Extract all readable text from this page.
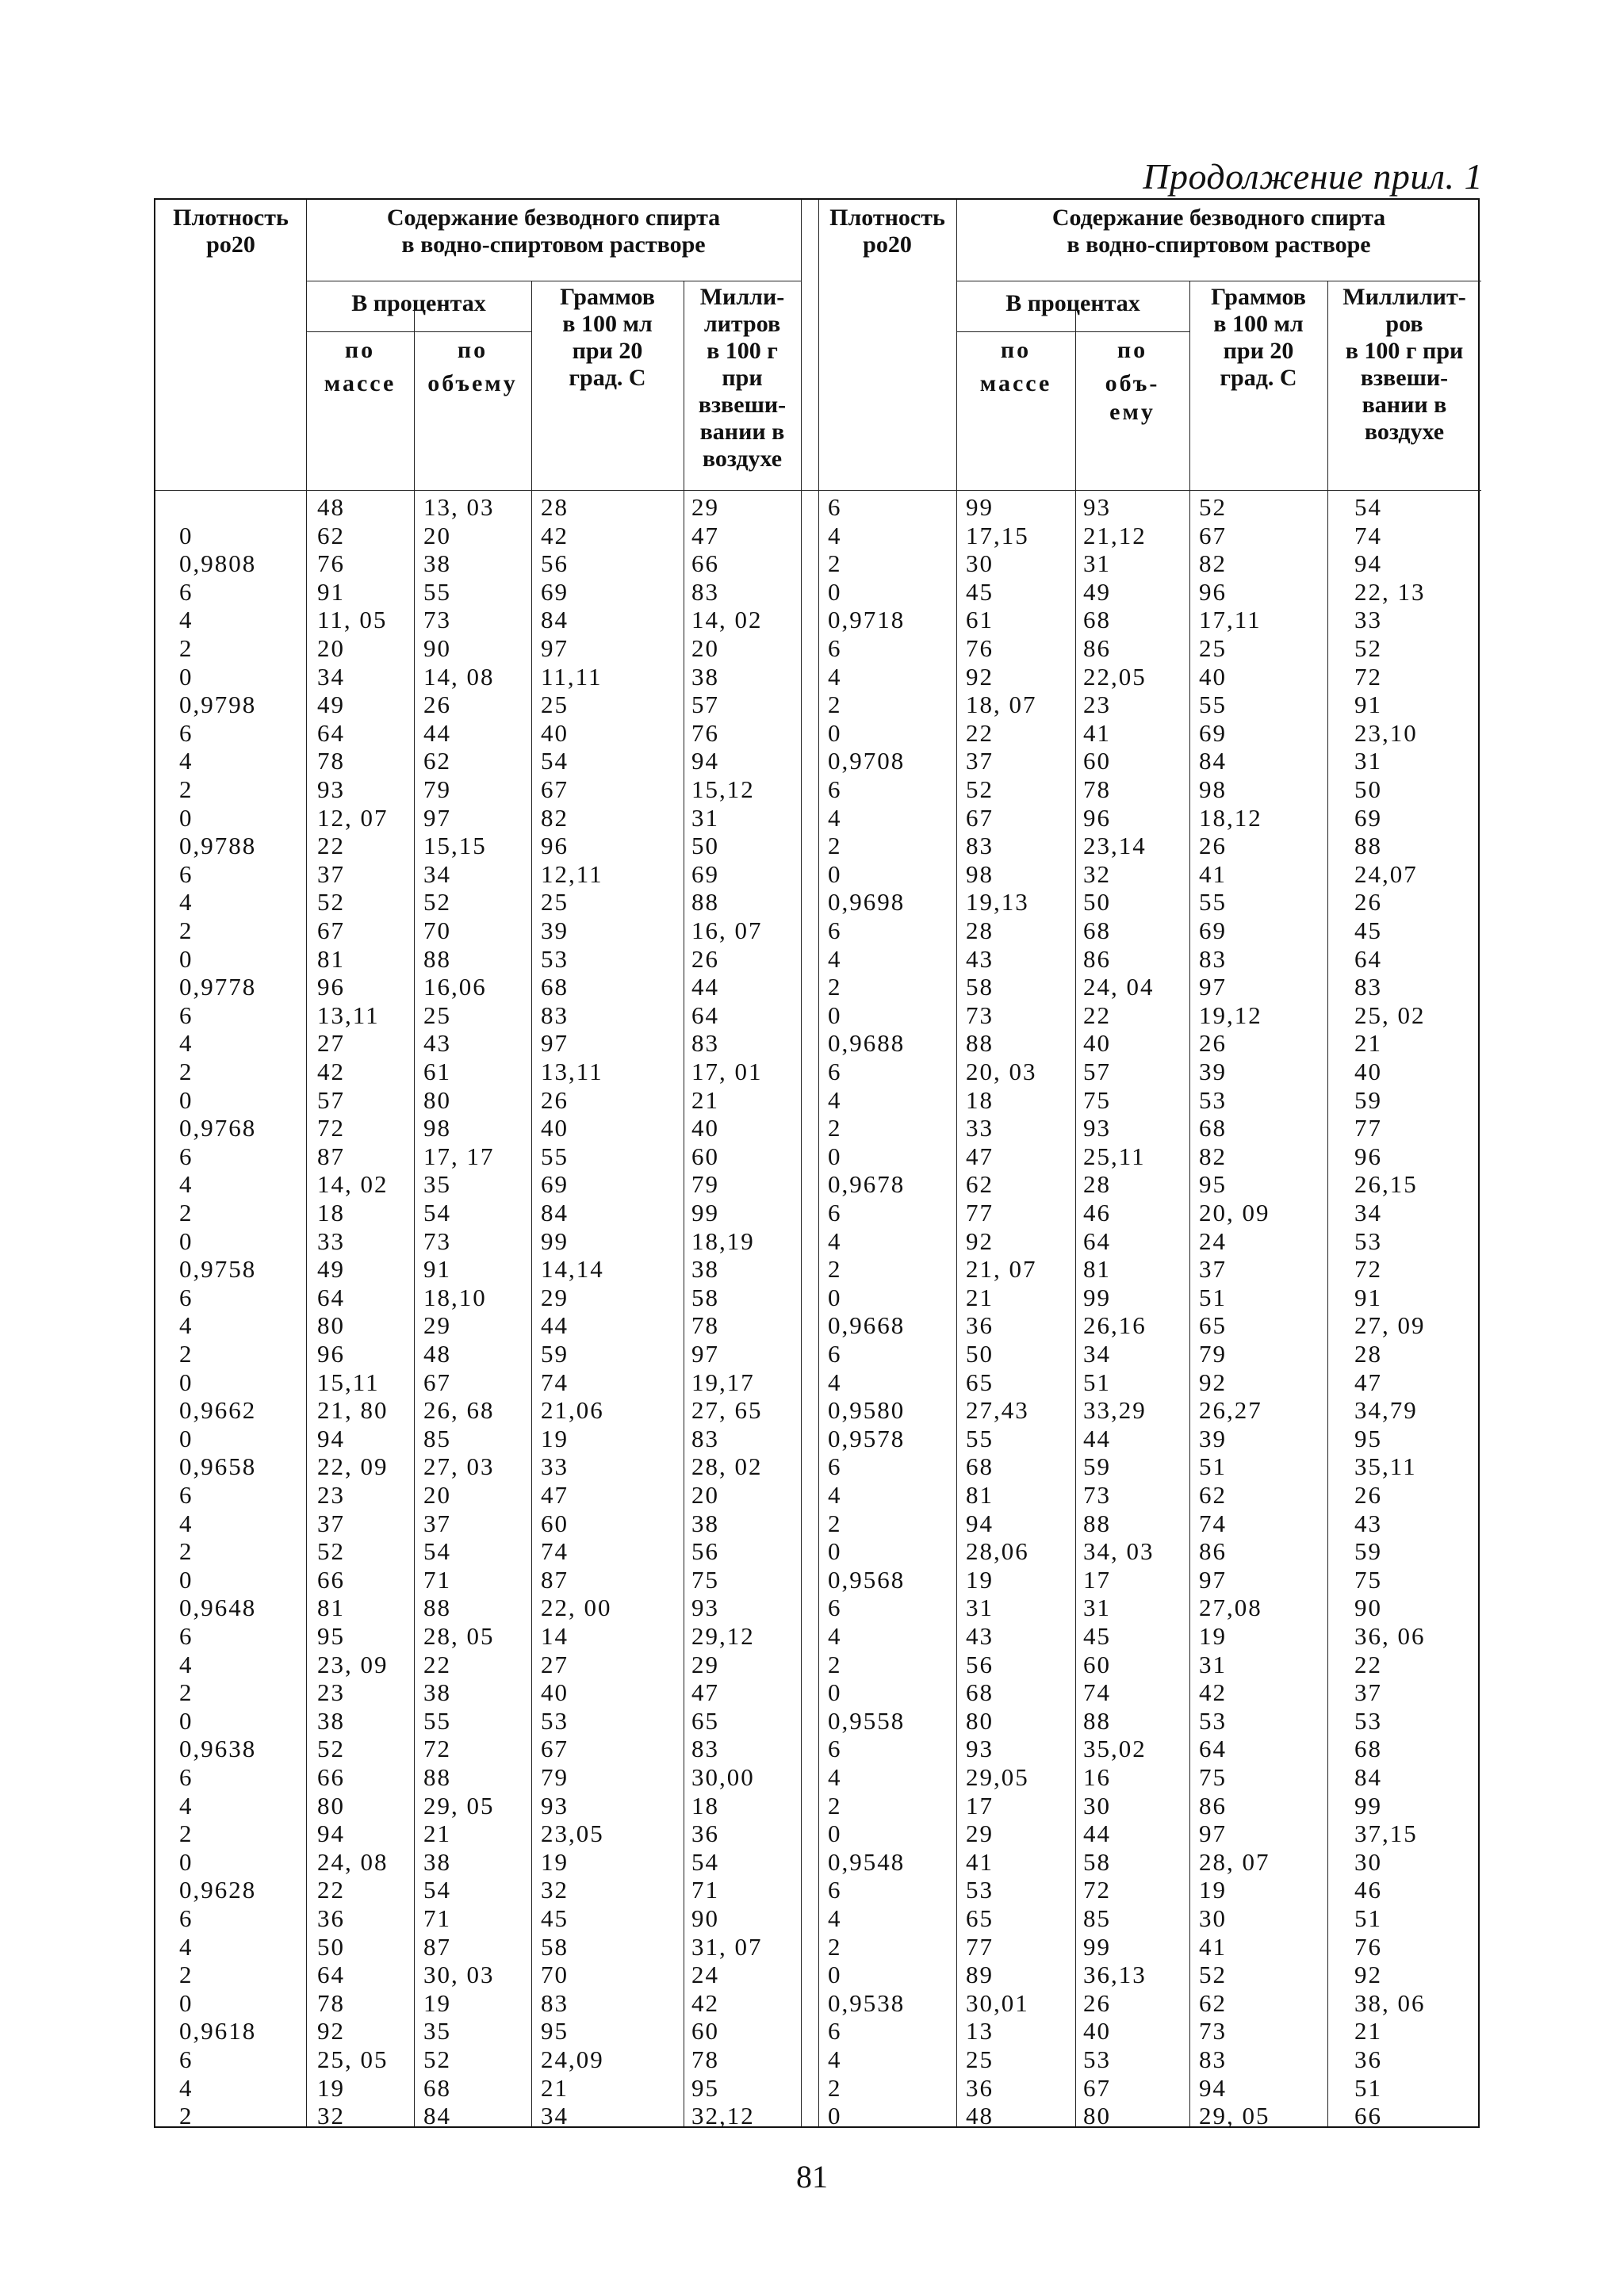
Продолжение прил. 1
Плотность
ро20
Содержание безводного спирта
в водно-спиртовом растворе
В процентах
по
массе
по
объему
Граммов
в 100 мл
при 20
град. С
Милли-
литров
в 100 г
при
взвеши-
вании в
воздухе
Плотность
ро20
Содержание безводного спирта
в водно-спиртовом растворе
В процентах
по
массе
по
объ-
ему
Граммов
в 100 мл
при 20
град. С
Миллилит-
ров
в 100 г при
взвеши-
вании в
воздухе
0
0,9808
6
4
2
0
0,9798
6
4
2
0
0,9788
6
4
2
0
0,9778
6
4
2
0
0,9768
6
4
2
0
0,9758
6
4
2
0
0,9662
0
0,9658
6
4
2
0
0,9648
6
4
2
0
0,9638
6
4
2
0
0,9628
6
4
2
0
0,9618
6
4
2
48
62
76
91
11, 05
20
34
49
64
78
93
12, 07
22
37
52
67
81
96
13,11
27
42
57
72
87
14, 02
18
33
49
64
80
96
15,11
21, 80
94
22, 09
23
37
52
66
81
95
23, 09
23
38
52
66
80
94
24, 08
22
36
50
64
78
92
25, 05
19
32
13, 03
20
38
55
73
90
14, 08
26
44
62
79
97
15,15
34
52
70
88
16,06
25
43
61
80
98
17, 17
35
54
73
91
18,10
29
48
67
26, 68
85
27, 03
20
37
54
71
88
28, 05
22
38
55
72
88
29, 05
21
38
54
71
87
30, 03
19
35
52
68
84
28
42
56
69
84
97
11,11
25
40
54
67
82
96
12,11
25
39
53
68
83
97
13,11
26
40
55
69
84
99
14,14
29
44
59
74
21,06
19
33
47
60
74
87
22, 00
14
27
40
53
67
79
93
23,05
19
32
45
58
70
83
95
24,09
21
34
29
47
66
83
14, 02
20
38
57
76
94
15,12
31
50
69
88
16, 07
26
44
64
83
17, 01
21
40
60
79
99
18,19
38
58
78
97
19,17
27, 65
83
28, 02
20
38
56
75
93
29,12
29
47
65
83
30,00
18
36
54
71
90
31, 07
24
42
60
78
95
32,12
6
4
2
0
0,9718
6
4
2
0
0,9708
6
4
2
0
0,9698
6
4
2
0
0,9688
6
4
2
0
0,9678
6
4
2
0
0,9668
6
4
0,9580
0,9578
6
4
2
0
0,9568
6
4
2
0
0,9558
6
4
2
0
0,9548
6
4
2
0
0,9538
6
4
2
0
99
17,15
30
45
61
76
92
18, 07
22
37
52
67
83
98
19,13
28
43
58
73
88
20, 03
18
33
47
62
77
92
21, 07
21
36
50
65
27,43
55
68
81
94
28,06
19
31
43
56
68
80
93
29,05
17
29
41
53
65
77
89
30,01
13
25
36
48
93
21,12
31
49
68
86
22,05
23
41
60
78
96
23,14
32
50
68
86
24, 04
22
40
57
75
93
25,11
28
46
64
81
99
26,16
34
51
33,29
44
59
73
88
34, 03
17
31
45
60
74
88
35,02
16
30
44
58
72
85
99
36,13
26
40
53
67
80
52
67
82
96
17,11
25
40
55
69
84
98
18,12
26
41
55
69
83
97
19,12
26
39
53
68
82
95
20, 09
24
37
51
65
79
92
26,27
39
51
62
74
86
97
27,08
19
31
42
53
64
75
86
97
28, 07
19
30
41
52
62
73
83
94
29, 05
54
74
94
22, 13
33
52
72
91
23,10
31
50
69
88
24,07
26
45
64
83
25, 02
21
40
59
77
96
26,15
34
53
72
91
27, 09
28
47
34,79
95
35,11
26
43
59
75
90
36, 06
22
37
53
68
84
99
37,15
30
46
51
76
92
38, 06
21
36
51
66
81
